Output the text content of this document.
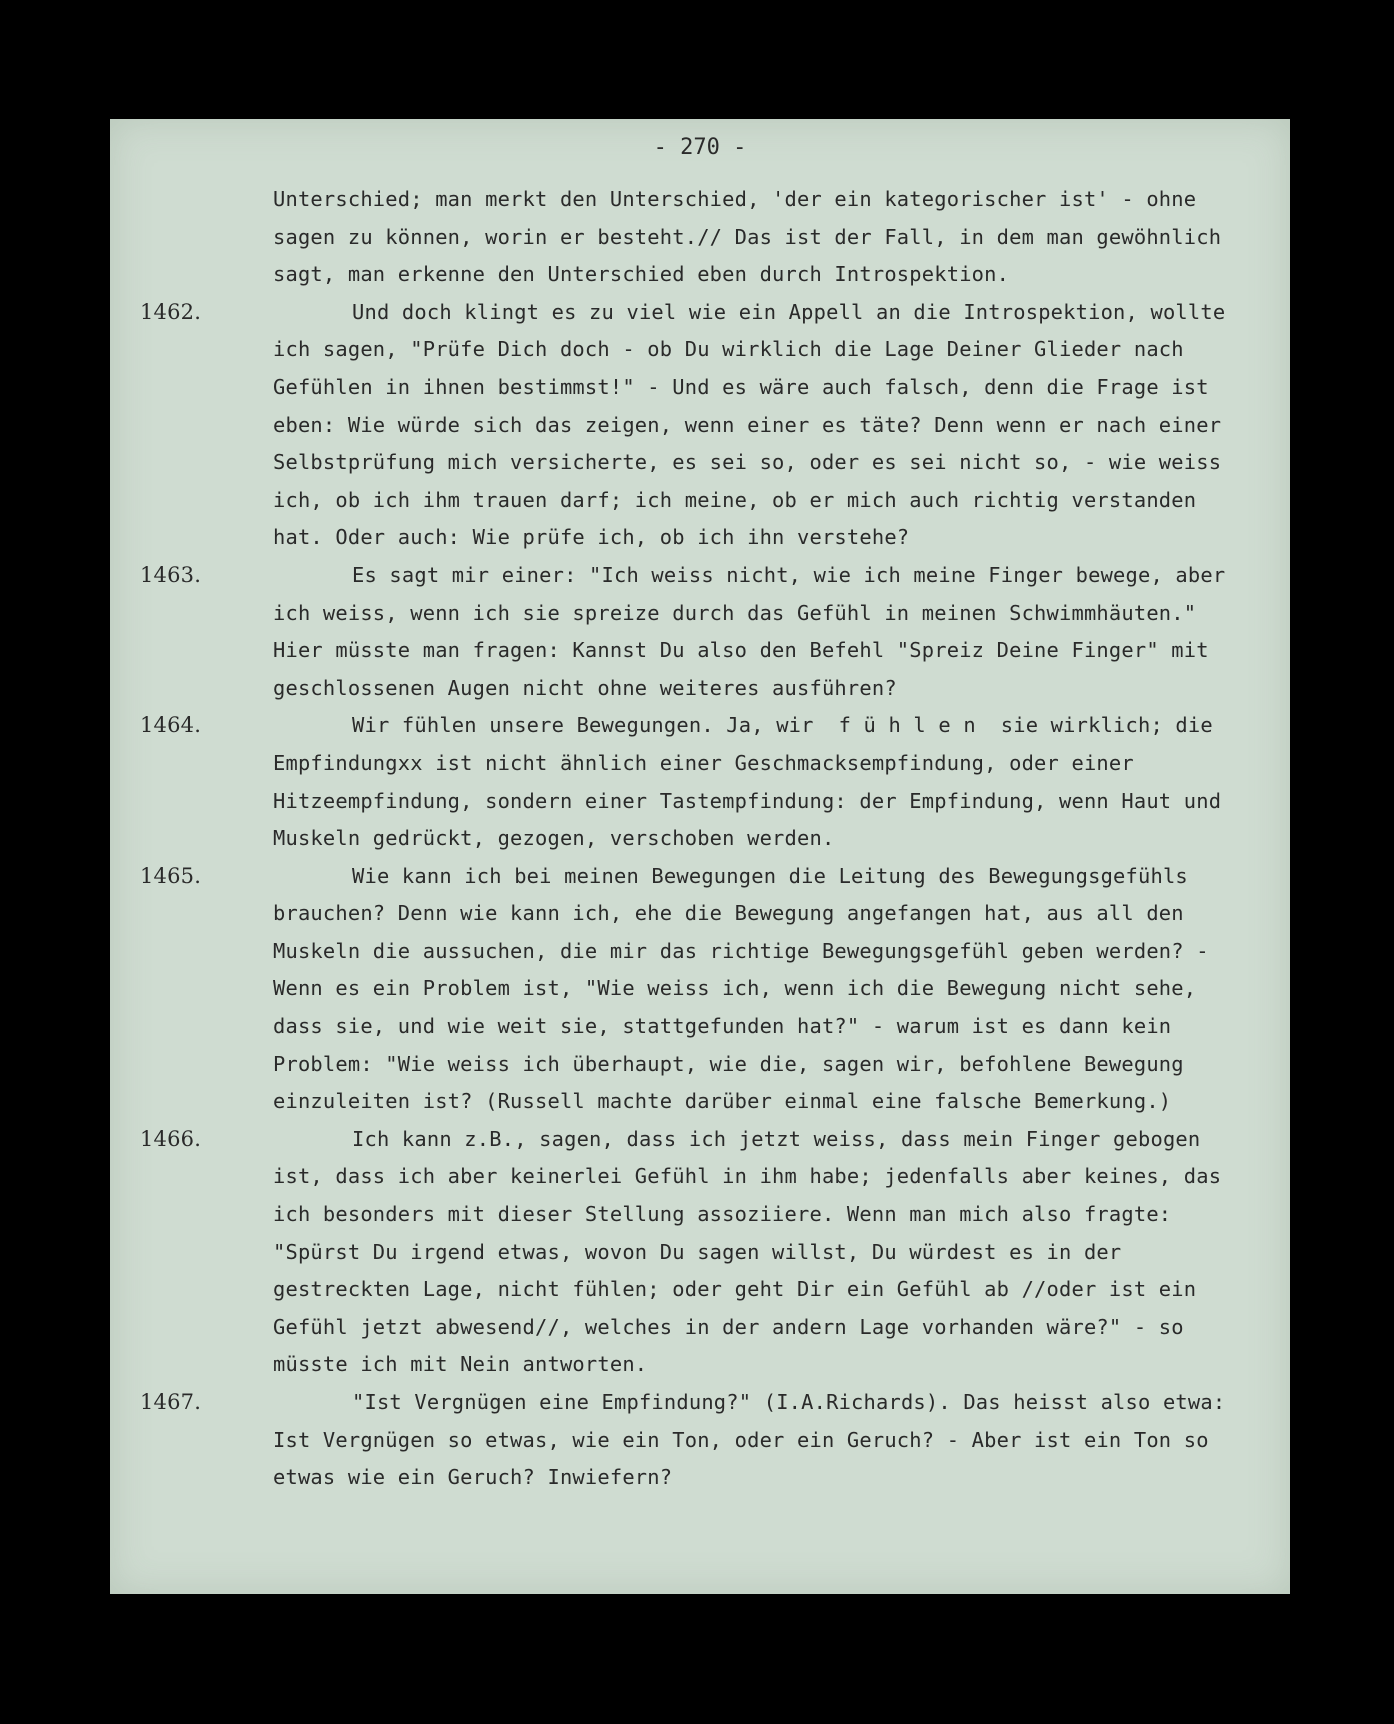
- 270 -
Unterschied; man merkt den Unterschied, 'der ein kategorischer ist' - ohne
sagen zu können, worin er besteht.// Das ist der Fall, in dem man gewöhnlich
sagt, man erkenne den Unterschied eben durch Introspektion.
1462.	Und doch klingt es zu viel wie ein Appell an die Introspektion, wollte
ich sagen, "Prüfe Dich doch - ob Du wirklich die Lage Deiner Glieder nach
Gefühlen in ihnen bestimmst!" - Und es wäre auch falsch, denn die Frage ist
eben: Wie würde sich das zeigen, wenn einer es täte? Denn wenn er nach einer
Selbstprüfung mich versicherte, es sei so, oder es sei nicht so, - wie weiss
ich, ob ich ihm trauen darf; ich meine, ob er mich auch richtig verstanden
hat. Oder auch: Wie prüfe ich, ob ich ihn verstehe?
1463.	Es sagt mir einer: "Ich weiss nicht, wie ich meine Finger bewege, aber
ich weiss, wenn ich sie spreize durch das Gefühl in meinen Schwimmhäuten."
Hier müsste man fragen: Kannst Du also den Befehl "Spreiz Deine Finger" mit
geschlossenen Augen nicht ohne weiteres ausführen?
1464.	Wir fühlen unsere Bewegungen. Ja, wir  f ü h l e n  sie wirklich; die
Empfindungxx ist nicht ähnlich einer Geschmacksempfindung, oder einer
Hitzeempfindung, sondern einer Tastempfindung: der Empfindung, wenn Haut und
Muskeln gedrückt, gezogen, verschoben werden.
1465.	Wie kann ich bei meinen Bewegungen die Leitung des Bewegungsgefühls
brauchen? Denn wie kann ich, ehe die Bewegung angefangen hat, aus all den
Muskeln die aussuchen, die mir das richtige Bewegungsgefühl geben werden? -
Wenn es ein Problem ist, "Wie weiss ich, wenn ich die Bewegung nicht sehe,
dass sie, und wie weit sie, stattgefunden hat?" - warum ist es dann kein
Problem: "Wie weiss ich überhaupt, wie die, sagen wir, befohlene Bewegung
einzuleiten ist? (Russell machte darüber einmal eine falsche Bemerkung.)
1466.	Ich kann z.B., sagen, dass ich jetzt weiss, dass mein Finger gebogen
ist, dass ich aber keinerlei Gefühl in ihm habe; jedenfalls aber keines, das
ich besonders mit dieser Stellung assoziiere. Wenn man mich also fragte:
"Spürst Du irgend etwas, wovon Du sagen willst, Du würdest es in der
gestreckten Lage, nicht fühlen; oder geht Dir ein Gefühl ab //oder ist ein
Gefühl jetzt abwesend//, welches in der andern Lage vorhanden wäre?" - so
müsste ich mit Nein antworten.
1467.	"Ist Vergnügen eine Empfindung?" (I.A.Richards). Das heisst also etwa:
Ist Vergnügen so etwas, wie ein Ton, oder ein Geruch? - Aber ist ein Ton so
etwas wie ein Geruch? Inwiefern?
